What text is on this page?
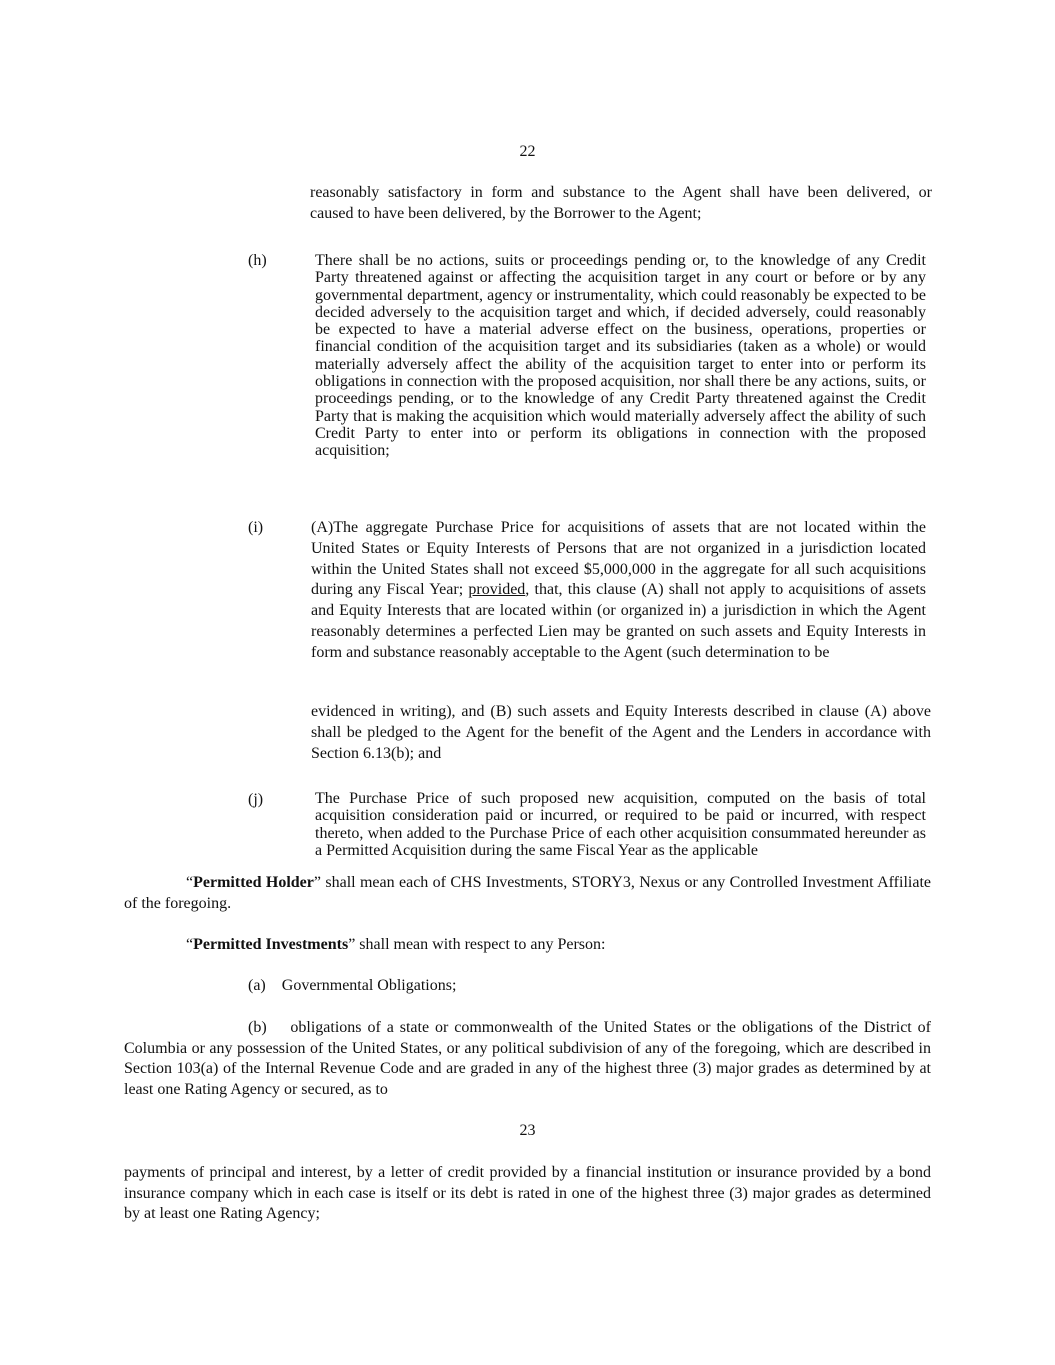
22
reasonably satisfactory in form and substance to the Agent shall have been delivered, or
caused to have been delivered, by the Borrower to the Agent;
(h)	There shall be no actions, suits or proceedings pending or, to the knowledge of any Credit Party threatened against or affecting the acquisition target in any court or before or by any governmental department, agency or instrumentality, which could reasonably be expected to be decided adversely to the acquisition target and which, if decided adversely, could reasonably be expected to have a material adverse effect on the business, operations, properties or financial condition of the acquisition target and its subsidiaries (taken as a whole) or would materially adversely affect the ability of the acquisition target to enter into or perform its obligations in connection with the proposed acquisition, nor shall there be any actions, suits, or proceedings pending, or to the knowledge of any Credit Party threatened against the Credit Party that is making the acquisition which would materially adversely affect the ability of such Credit Party to enter into or perform its obligations in connection with the proposed acquisition;
(i)	(A)The aggregate Purchase Price for acquisitions of assets that are not located within the United States or Equity Interests of Persons that are not organized in a jurisdiction located within the United States shall not exceed $5,000,000 in the aggregate for all such acquisitions during any Fiscal Year; provided, that, this clause (A) shall not apply to acquisitions of assets and Equity Interests that are located within (or organized in) a jurisdiction in which the Agent reasonably determines a perfected Lien may be granted on such assets and Equity Interests in form and substance reasonably acceptable to the Agent (such determination to be
evidenced in writing), and (B) such assets and Equity Interests described in clause (A) above shall be pledged to the Agent for the benefit of the Agent and the Lenders in accordance with Section 6.13(b); and
(j)	The Purchase Price of such proposed new acquisition, computed on the basis of total acquisition consideration paid or incurred, or required to be paid or incurred, with respect thereto, when added to the Purchase Price of each other acquisition consummated hereunder as a Permitted Acquisition during the same Fiscal Year as the applicable
“Permitted Holder” shall mean each of CHS Investments, STORY3, Nexus or any Controlled Investment Affiliate of the foregoing.
“Permitted Investments” shall mean with respect to any Person:
(a) Governmental Obligations;
(b) obligations of a state or commonwealth of the United States or the obligations of the District of Columbia or any possession of the United States, or any political subdivision of any of the foregoing, which are described in Section 103(a) of the Internal Revenue Code and are graded in any of the highest three (3) major grades as determined by at least one Rating Agency or secured, as to
23
payments of principal and interest, by a letter of credit provided by a financial institution or insurance provided by a bond insurance company which in each case is itself or its debt is rated in one of the highest three (3) major grades as determined by at least one Rating Agency;
